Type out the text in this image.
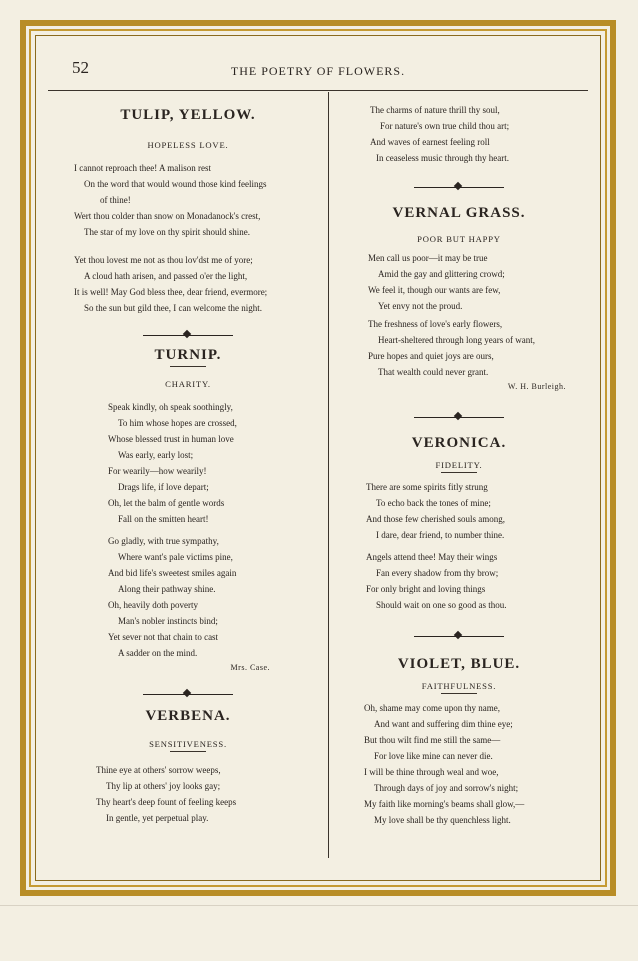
52	THE POETRY OF FLOWERS.

TULIP, YELLOW.

HOPELESS LOVE.

I cannot reproach thee! A malison rest

On the word that would wound those kind feelings

of thine!

Wert thou colder than snow on Monadanock's crest,

The star of my love on thy spirit should shine.

Yet thou lovest me not as thou lov'dst me of yore;

A cloud hath arisen, and passed o'er the light,

It is well! May God bless thee, dear friend, evermore;

So the sun but gild thee, I can welcome the night.

TURNIP.

CHARITY.

Speak kindly, oh speak soothingly,

To him whose hopes are crossed,

Whose blessed trust in human love

Was early, early lost;

For wearily—how wearily!

Drags life, if love depart;

Oh, let the balm of gentle words

Fall on the smitten heart!

Go gladly, with true sympathy,

Where want's pale victims pine,

And bid life's sweetest smiles again

Along their pathway shine.

Oh, heavily doth poverty

Man's nobler instincts bind;

Yet sever not that chain to cast

A sadder on the mind.

Mrs. Case.

VERBENA.

SENSITIVENESS.

Thine eye at others' sorrow weeps,

Thy lip at others' joy looks gay;

Thy heart's deep fount of feeling keeps

In gentle, yet perpetual play.

The charms of nature thrill thy soul,

For nature's own true child thou art;

And waves of earnest feeling roll

In ceaseless music through thy heart.

VERNAL GRASS.

POOR BUT HAPPY

Men call us poor—it may be true

Amid the gay and glittering crowd;

We feel it, though our wants are few,

Yet envy not the proud.

The freshness of love's early flowers,

Heart-sheltered through long years of want,

Pure hopes and quiet joys are ours,

That wealth could never grant.

W. H. Burleigh.

VERONICA.

FIDELITY.

There are some spirits fitly strung

To echo back the tones of mine;

And those few cherished souls among,

I dare, dear friend, to number thine.

Angels attend thee! May their wings

Fan every shadow from thy brow;

For only bright and loving things

Should wait on one so good as thou.

VIOLET, BLUE.

FAITHFULNESS.

Oh, shame may come upon thy name,

And want and suffering dim thine eye;

But thou wilt find me still the same—

For love like mine can never die.

I will be thine through weal and woe,

Through days of joy and sorrow's night;

My faith like morning's beams shall glow,—

My love shall be thy quenchless light.
